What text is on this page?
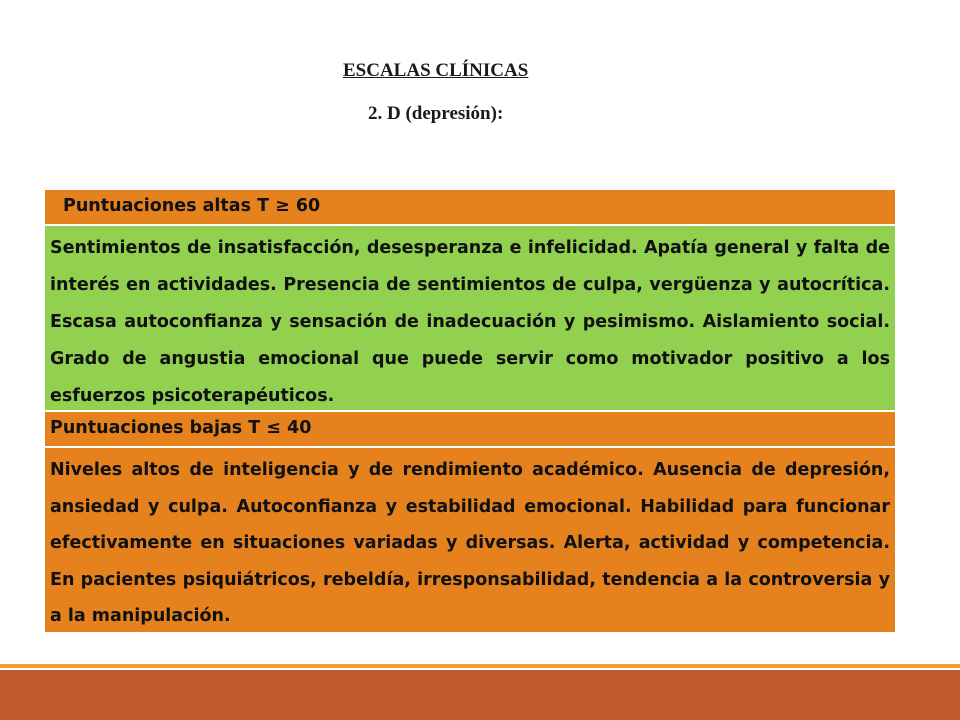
ESCALAS CLÍNICAS
2. D (depresión):
Puntuaciones altas T ≥ 60
Sentimientos de insatisfacción, desesperanza e infelicidad. Apatía general y falta de interés en actividades. Presencia de sentimientos de culpa, vergüenza y autocrítica. Escasa autoconfianza y sensación de inadecuación y pesimismo. Aislamiento social. Grado de angustia emocional que puede servir como motivador positivo a los esfuerzos psicoterapéuticos.
Puntuaciones bajas T ≤ 40
Niveles altos de inteligencia y de rendimiento académico. Ausencia de depresión, ansiedad y culpa. Autoconfianza y estabilidad emocional. Habilidad para funcionar efectivamente en situaciones variadas y diversas. Alerta, actividad y competencia. En pacientes psiquiátricos, rebeldía, irresponsabilidad, tendencia a la controversia y a la manipulación.
